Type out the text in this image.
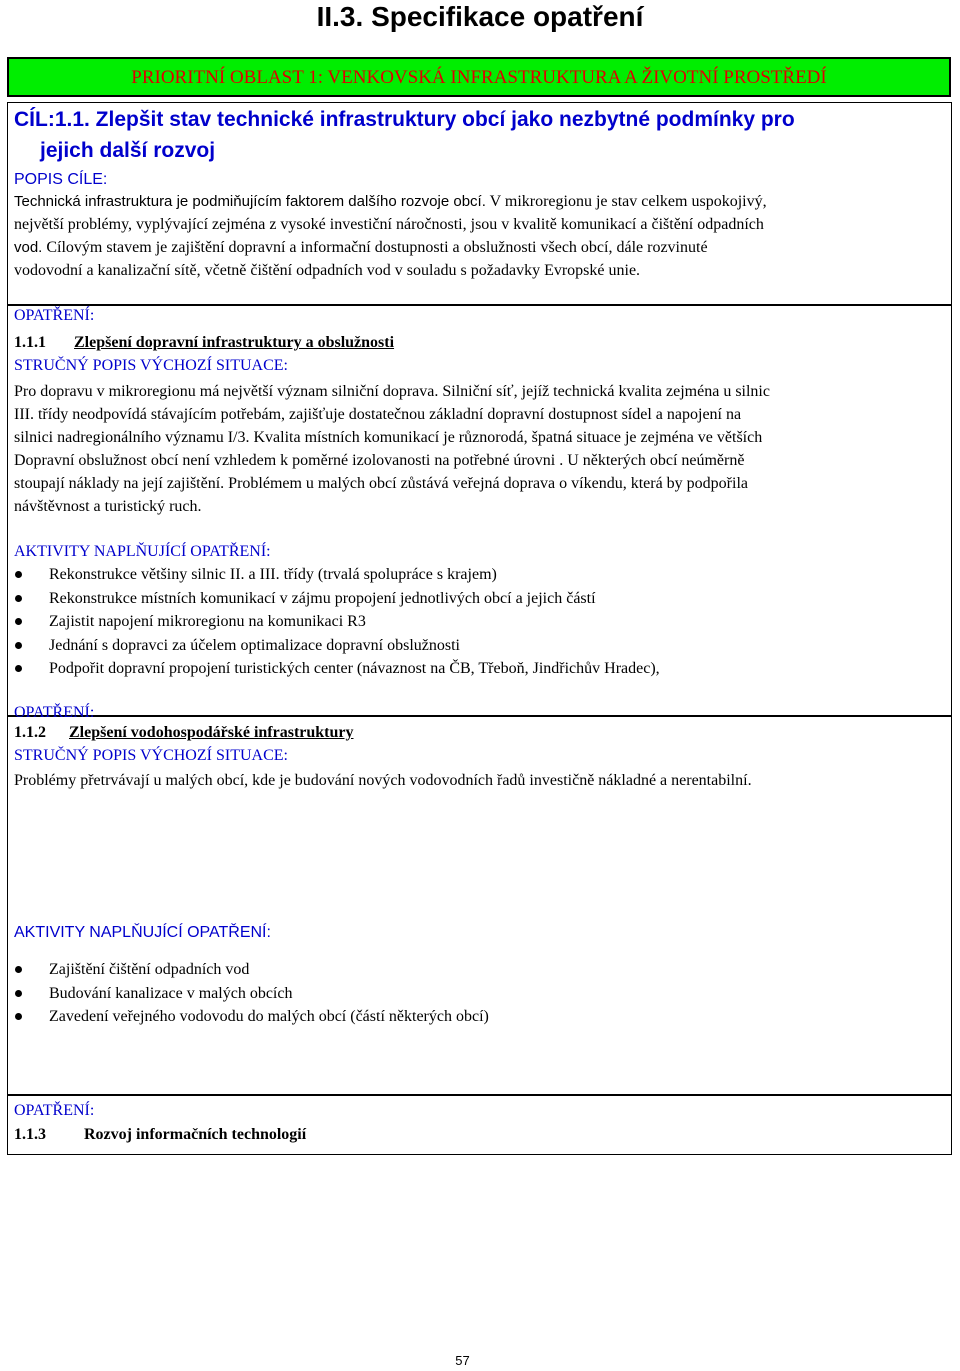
II.3. Specifikace opatření
PRIORITNÍ OBLAST 1: VENKOVSKÁ INFRASTRUKTURA A ŽIVOTNÍ PROSTŘEDÍ
CÍL:1.1. Zlepšit stav technické infrastruktury obcí jako nezbytné podmínky pro
jejich další rozvoj
POPIS CÍLE:
Technická infrastruktura je podmiňujícím faktorem dalšího rozvoje obcí. V mikroregionu je stav celkem uspokojivý,
největší problémy, vyplývající zejména z vysoké investiční náročnosti, jsou v kvalitě komunikací a čištění odpadních
vod. Cílovým stavem je zajištění dopravní a informační dostupnosti a obslužnosti všech obcí, dále rozvinuté
vodovodní a kanalizační sítě, včetně čištění odpadních vod v souladu s požadavky Evropské unie.
OPATŘENÍ:
1.1.1 Zlepšení dopravní infrastruktury a obslužnosti
STRUČNÝ POPIS VÝCHOZÍ SITUACE:
Pro dopravu v mikroregionu má největší význam silniční doprava. Silniční síť, jejíž technická kvalita zejména u silnic
III. třídy neodpovídá stávajícím potřebám, zajišťuje dostatečnou základní dopravní dostupnost sídel a napojení na
silnici nadregionálního významu I/3. Kvalita místních komunikací je různorodá, špatná situace je zejména ve větších
Dopravní obslužnost obcí není vzhledem k poměrné izolovanosti na potřebné úrovni . U některých obcí neúměrně
stoupají náklady na její zajištění. Problémem u malých obcí zůstává veřejná doprava o víkendu, která by podpořila
návštěvnost a turistický ruch.
AKTIVITY NAPLŇUJÍCÍ OPATŘENÍ:
Rekonstrukce většiny silnic II. a III. třídy (trvalá spolupráce s krajem)
Rekonstrukce místních komunikací v zájmu propojení jednotlivých obcí a jejich částí
Zajistit napojení mikroregionu na komunikaci R3
Jednání s dopravci za účelem optimalizace dopravní obslužnosti
Podpořit dopravní propojení turistických center (návaznost na ČB, Třeboň, Jindřichův Hradec),
OPATŘENÍ:
1.1.2 Zlepšení vodohospodářské infrastruktury
STRUČNÝ POPIS VÝCHOZÍ SITUACE:
Problémy přetrvávají u malých obcí, kde je budování nových vodovodních řadů investičně nákladné a nerentabilní.
AKTIVITY NAPLŇUJÍCÍ OPATŘENÍ:
Zajištění čištění odpadních vod
Budování kanalizace v malých obcích
Zavedení veřejného vodovodu do malých obcí (částí některých obcí)
OPATŘENÍ:
1.1.3 Rozvoj informačních technologií
57
